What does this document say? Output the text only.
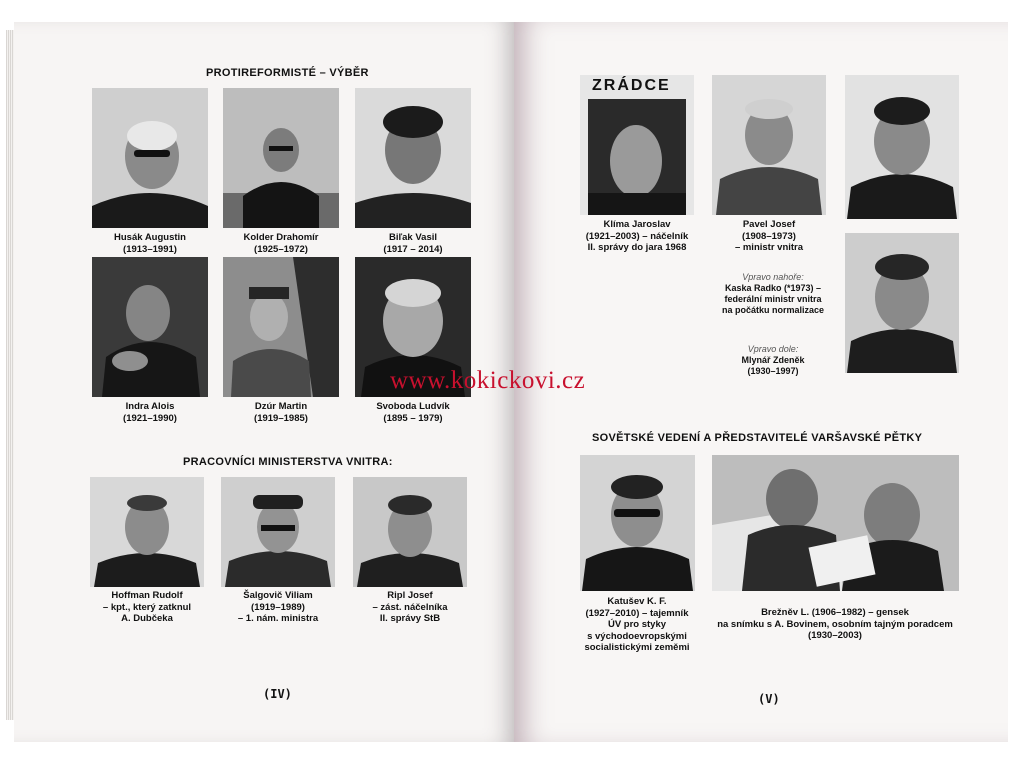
PROTIREFORMISTÉ – VÝBĚR
Husák Augustin
(1913–1991)
Kolder Drahomír
(1925–1972)
Biľak Vasil
(1917 – 2014)
Indra Alois
(1921–1990)
Dzúr Martin
(1919–1985)
Svoboda Ludvík
(1895 – 1979)
PRACOVNÍCI MINISTERSTVA VNITRA:
Hoffman Rudolf
– kpt., který zatknul
A. Dubčeka
Šalgovič Viliam
(1919–1989)
– 1. nám. ministra
Ripl Josef
– zást. náčelníka
II. správy StB
(IV)
ZRÁDCE
Klíma Jaroslav
(1921–2003) – náčelník
II. správy do jara 1968
Pavel Josef
(1908–1973)
– ministr vnitra
Vpravo nahoře:
Kaska Radko (*1973) –
federální ministr vnitra
na počátku normalizace
Vpravo dole:
Mlynář Zdeněk
(1930–1997)
SOVĚTSKÉ VEDENÍ A PŘEDSTAVITELÉ VARŠAVSKÉ PĚTKY
Katušev K. F.
(1927–2010) – tajemník
ÚV pro styky
s východoevropskými
socialistickými zeměmi
Brežněv L. (1906–1982) – gensek
na snímku s A. Bovinem, osobním tajným poradcem
(1930–2003)
(V)
www.kokickovi.cz
